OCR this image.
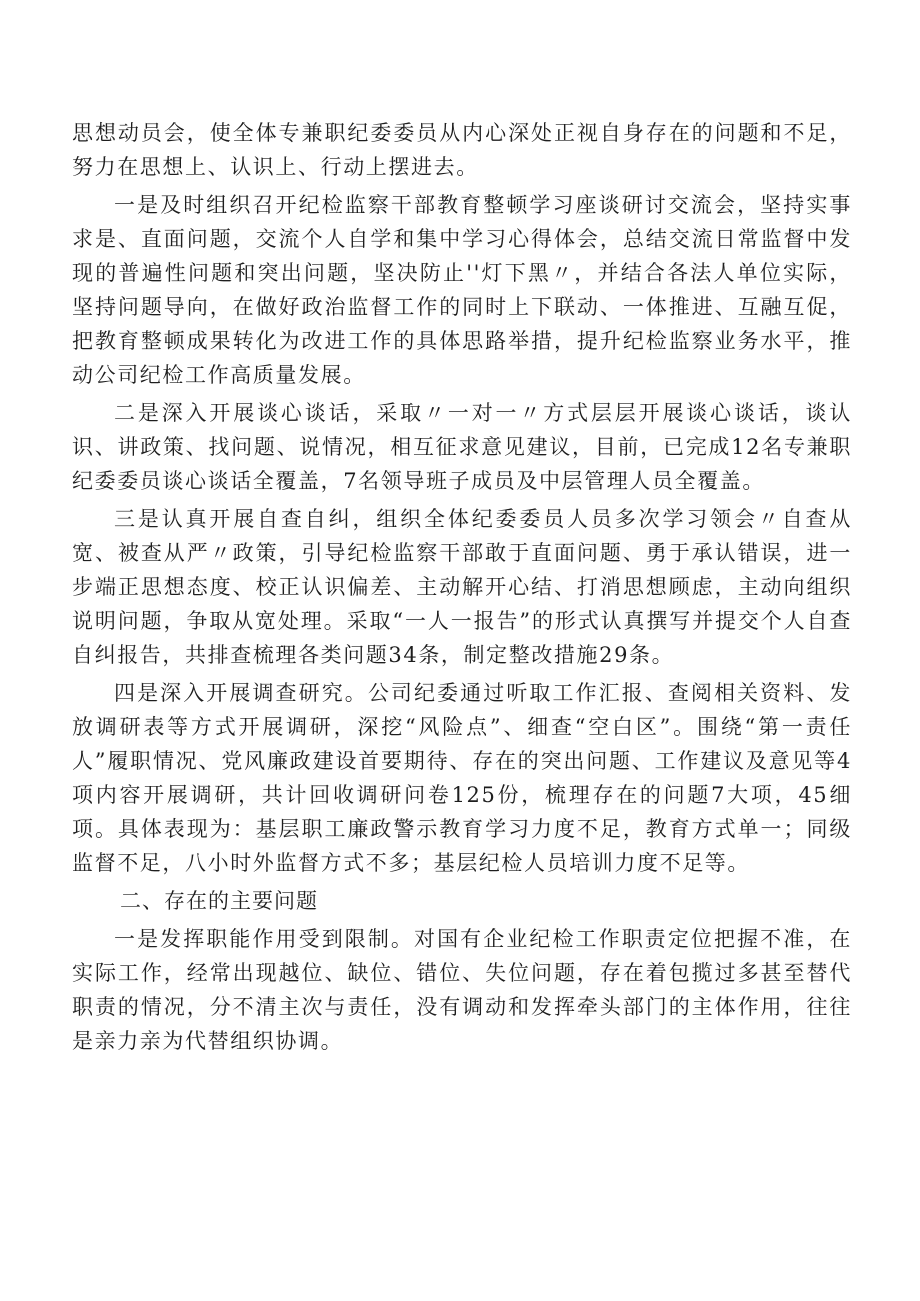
思想动员会，使全体专兼职纪委委员从内心深处正视自身存在的问题和不足，努力在思想上、认识上、行动上摆进去。

一是及时组织召开纪检监察干部教育整顿学习座谈研讨交流会，坚持实事求是、直面问题，交流个人自学和集中学习心得体会，总结交流日常监督中发现的普遍性问题和突出问题，坚决防止''灯下黑〃，并结合各法人单位实际，坚持问题导向，在做好政治监督工作的同时上下联动、一体推进、互融互促，把教育整顿成果转化为改进工作的具体思路举措，提升纪检监察业务水平，推动公司纪检工作高质量发展。

二是深入开展谈心谈话，采取〃一对一〃方式层层开展谈心谈话，谈认识、讲政策、找问题、说情况，相互征求意见建议，目前，已完成12名专兼职纪委委员谈心谈话全覆盖，7名领导班子成员及中层管理人员全覆盖。

三是认真开展自查自纠，组织全体纪委委员人员多次学习领会〃自查从宽、被查从严〃政策，引导纪检监察干部敢于直面问题、勇于承认错误，进一步端正思想态度、校正认识偏差、主动解开心结、打消思想顾虑，主动向组织说明问题，争取从宽处理。采取“一人一报告”的形式认真撰写并提交个人自查自纠报告，共排查梳理各类问题34条，制定整改措施29条。

四是深入开展调查研究。公司纪委通过听取工作汇报、查阅相关资料、发放调研表等方式开展调研，深挖“风险点”、细查“空白区”。围绕“第一责任人”履职情况、党风廉政建设首要期待、存在的突出问题、工作建议及意见等4项内容开展调研，共计回收调研问卷125份，梳理存在的问题7大项，45细项。具体表现为：基层职工廉政警示教育学习力度不足，教育方式单一；同级监督不足，八小时外监督方式不多；基层纪检人员培训力度不足等。

二、存在的主要问题

一是发挥职能作用受到限制。对国有企业纪检工作职责定位把握不准，在实际工作，经常出现越位、缺位、错位、失位问题，存在着包揽过多甚至替代职责的情况，分不清主次与责任，没有调动和发挥牵头部门的主体作用，往往是亲力亲为代替组织协调。
